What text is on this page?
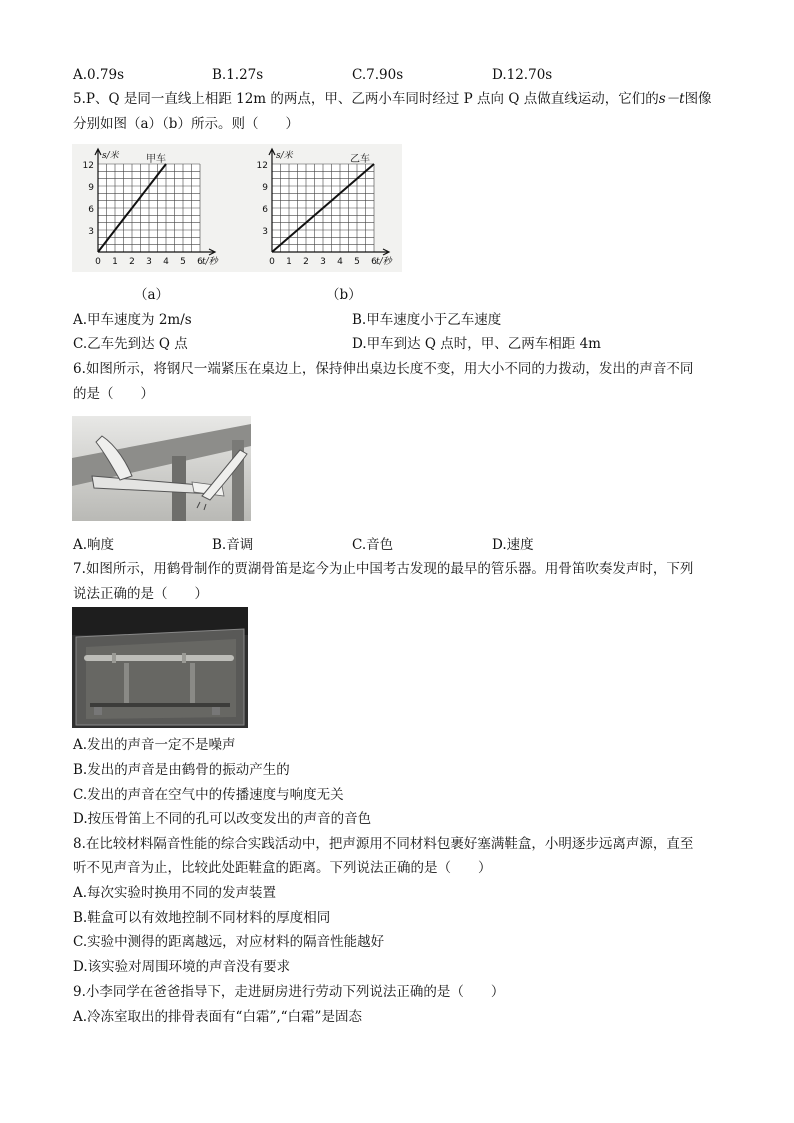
A.0.79s	B.1.27s	C.7.90s	D.12.70s
5.P、Q 是同一直线上相距 12m 的两点，甲、乙两小车同时经过 P 点向 Q 点做直线运动，它们的s－t图像
分别如图（a）（b）所示。则（　　）
3
6
9
12
0 1 2 3 4 5 6
s/米
t/秒
甲车
3
6
9
12
0 1 2 3 4 5 6
s/米
t/秒
乙车
（a）	（b）
A.甲车速度为 2m/s	B.甲车速度小于乙车速度
C.乙车先到达 Q 点	D.甲车到达 Q 点时，甲、乙两车相距 4m
6.如图所示，将钢尺一端紧压在桌边上，保持伸出桌边长度不变，用大小不同的力拨动，发出的声音不同
的是（　　）
A.响度	B.音调	C.音色	D.速度
7.如图所示，用鹤骨制作的贾湖骨笛是迄今为止中国考古发现的最早的管乐器。用骨笛吹奏发声时，下列
说法正确的是（　　）
A.发出的声音一定不是噪声
B.发出的声音是由鹤骨的振动产生的
C.发出的声音在空气中的传播速度与响度无关
D.按压骨笛上不同的孔可以改变发出的声音的音色
8.在比较材料隔音性能的综合实践活动中，把声源用不同材料包裹好塞满鞋盒，小明逐步远离声源，直至
听不见声音为止，比较此处距鞋盒的距离。下列说法正确的是（　　）
A.每次实验时换用不同的发声装置
B.鞋盒可以有效地控制不同材料的厚度相同
C.实验中测得的距离越远，对应材料的隔音性能越好
D.该实验对周围环境的声音没有要求
9.小李同学在爸爸指导下，走进厨房进行劳动下列说法正确的是（　　）
A.冷冻室取出的排骨表面有“白霜”,“白霜”是固态
